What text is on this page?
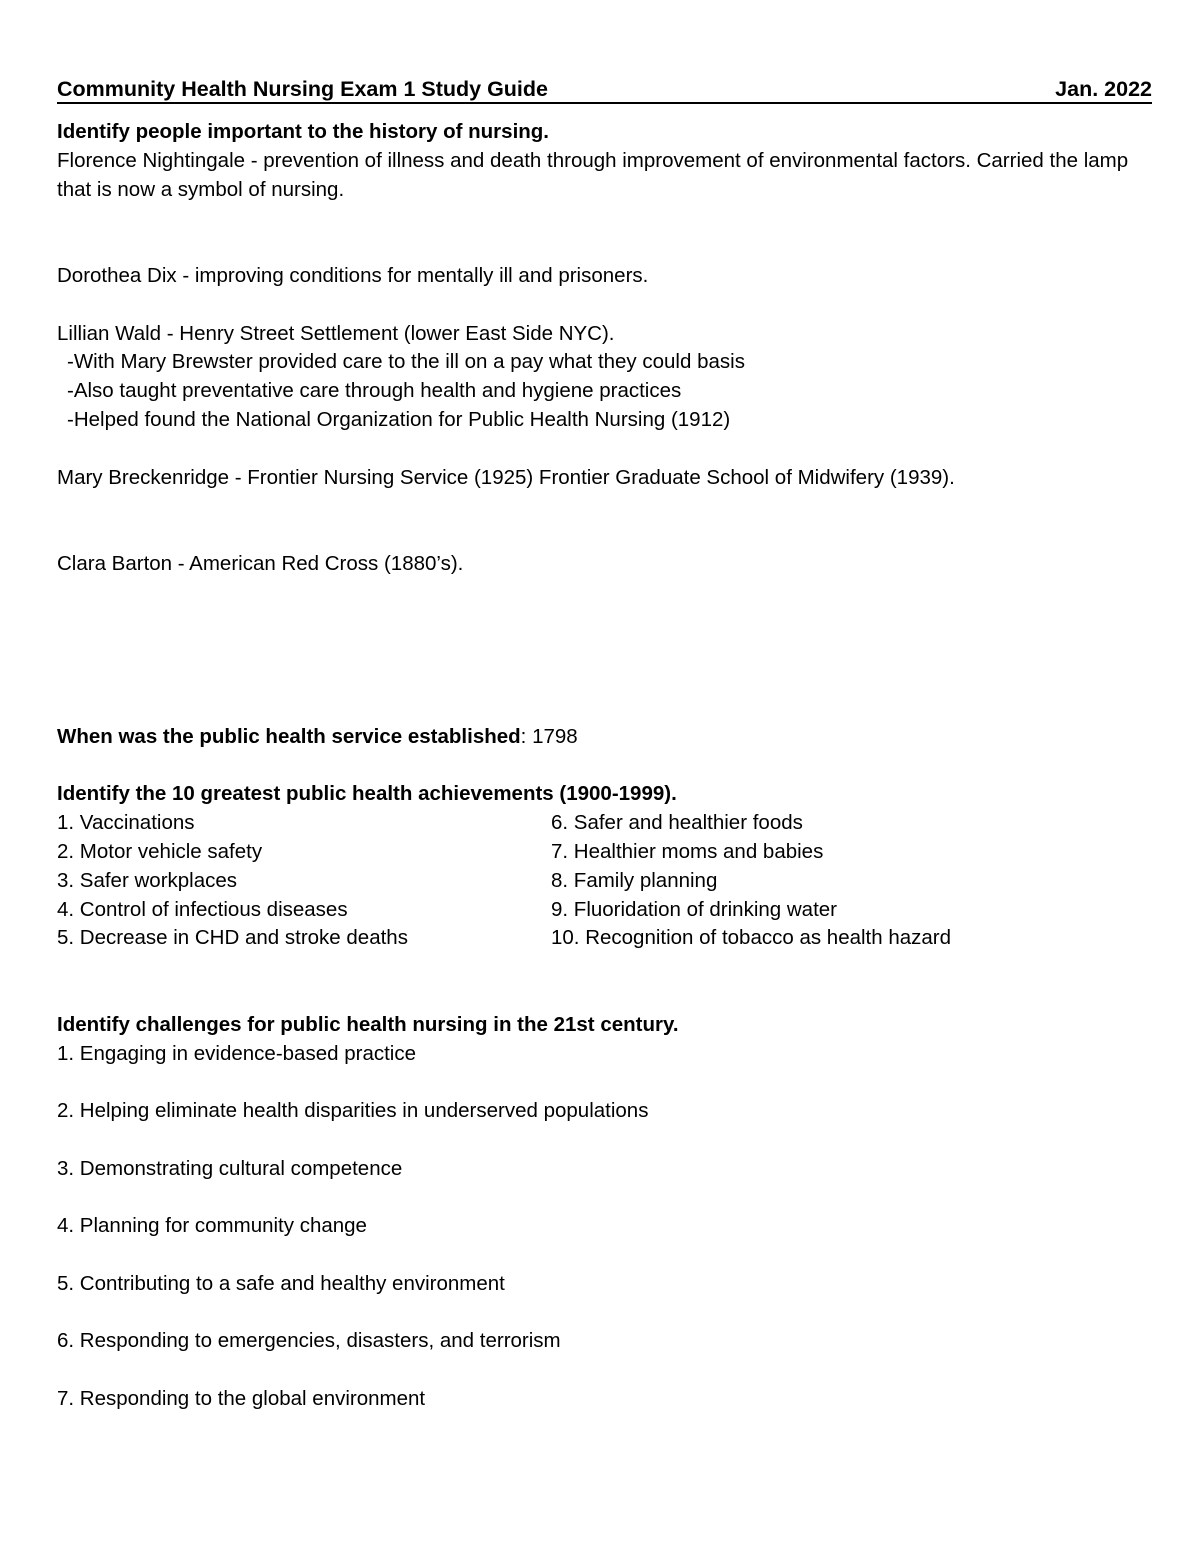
Community Health Nursing Exam 1 Study Guide	Jan. 2022
Identify people important to the history of nursing.
Florence Nightingale - prevention of illness and death through improvement of environmental factors. Carried the lamp that is now a symbol of nursing.
Dorothea Dix - improving conditions for mentally ill and prisoners.
Lillian Wald - Henry Street Settlement (lower East Side NYC).
-With Mary Brewster provided care to the ill on a pay what they could basis
-Also taught preventative care through health and hygiene practices
-Helped found the National Organization for Public Health Nursing (1912)
Mary Breckenridge - Frontier Nursing Service (1925) Frontier Graduate School of Midwifery (1939).
Clara Barton - American Red Cross (1880’s).
When was the public health service established: 1798
Identify the 10 greatest public health achievements (1900-1999).
1. Vaccinations	6. Safer and healthier foods
2. Motor vehicle safety	7. Healthier moms and babies
3. Safer workplaces	8. Family planning
4. Control of infectious diseases	9. Fluoridation of drinking water
5. Decrease in CHD and stroke deaths	10. Recognition of tobacco as health hazard
Identify challenges for public health nursing in the 21st century.
1. Engaging in evidence-based practice
2. Helping eliminate health disparities in underserved populations
3. Demonstrating cultural competence
4. Planning for community change
5. Contributing to a safe and healthy environment
6. Responding to emergencies, disasters, and terrorism
7. Responding to the global environment
